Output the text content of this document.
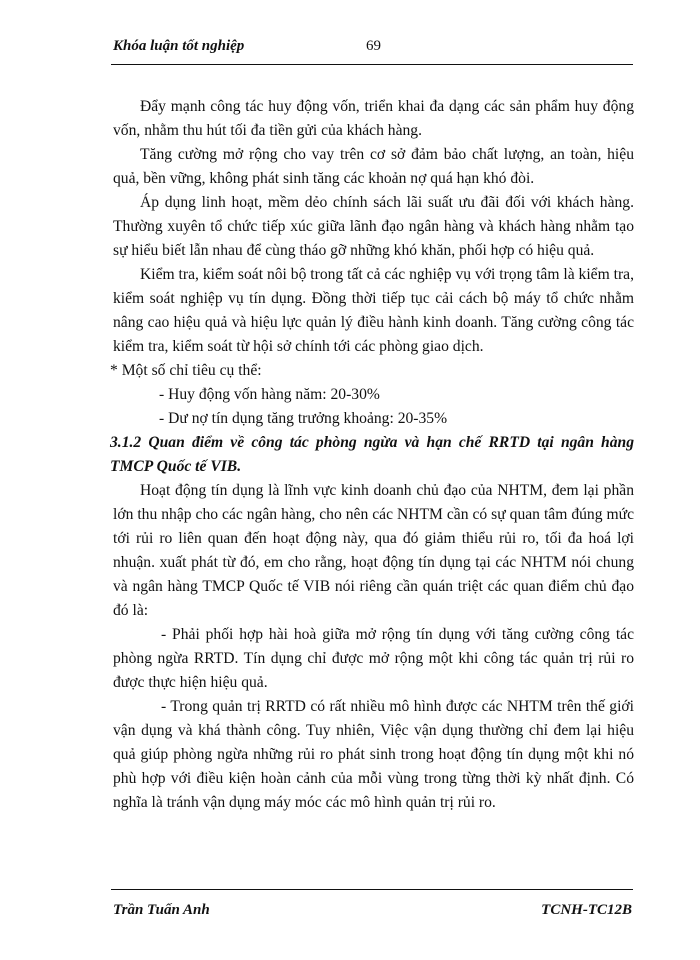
Khóa luận tốt nghiệp	69

Đẩy mạnh công tác huy động vốn, triển khai đa dạng các sản phẩm huy động vốn, nhằm thu hút tối đa tiền gửi của khách hàng.

Tăng cường mở rộng cho vay trên cơ sở đảm bảo chất lượng, an toàn, hiệu quả, bền vững, không phát sinh tăng các khoản nợ quá hạn khó đòi.

Áp dụng linh hoạt, mềm dẻo chính sách lãi suất ưu đãi đối với khách hàng. Thường xuyên tổ chức tiếp xúc giữa lãnh đạo ngân hàng và khách hàng nhằm tạo sự hiểu biết lẫn nhau để cùng tháo gỡ những khó khăn, phối hợp có hiệu quả.

Kiểm tra, kiểm soát nôi bộ trong tất cả các nghiệp vụ với trọng tâm là kiểm tra, kiểm soát nghiệp vụ tín dụng. Đồng thời tiếp tục cải cách bộ máy tổ chức nhằm nâng cao hiệu quả và hiệu lực quản lý điều hành kinh doanh. Tăng cường công tác kiểm tra, kiểm soát từ hội sở chính tới các phòng giao dịch.

* Một số chỉ tiêu cụ thể:

- Huy động vốn hàng năm: 20-30%

- Dư nợ tín dụng tăng trưởng khoảng: 20-35%

3.1.2 Quan điểm về công tác phòng ngừa và hạn chế RRTD tại ngân hàng TMCP Quốc tế VIB.

Hoạt động tín dụng là lĩnh vực kinh doanh chủ đạo của NHTM, đem lại phần lớn thu nhập cho các ngân hàng, cho nên các NHTM cần có sự quan tâm đúng mức tới rủi ro liên quan đến hoạt động này, qua đó giảm thiểu rủi ro, tối đa hoá lợi nhuận. xuất phát từ đó, em cho rằng, hoạt động tín dụng tại các NHTM nói chung và ngân hàng TMCP Quốc tế VIB nói riêng cần quán triệt các quan điểm chủ đạo đó là:

- Phải phối hợp hài hoà giữa mở rộng tín dụng với tăng cường công tác phòng ngừa RRTD. Tín dụng chỉ được mở rộng một khi công tác quản trị rủi ro được thực hiện hiệu quả.

- Trong quản trị RRTD có rất nhiều mô hình được các NHTM trên thế giới vận dụng và khá thành công. Tuy nhiên, Việc vận dụng thường chỉ đem lại hiệu quả giúp phòng ngừa những rủi ro phát sinh trong hoạt động tín dụng một khi nó phù hợp với điều kiện hoàn cảnh của mỗi vùng trong từng thời kỳ nhất định. Có nghĩa là tránh vận dụng máy móc các mô hình quản trị rủi ro.

Trần Tuấn Anh	TCNH-TC12B
